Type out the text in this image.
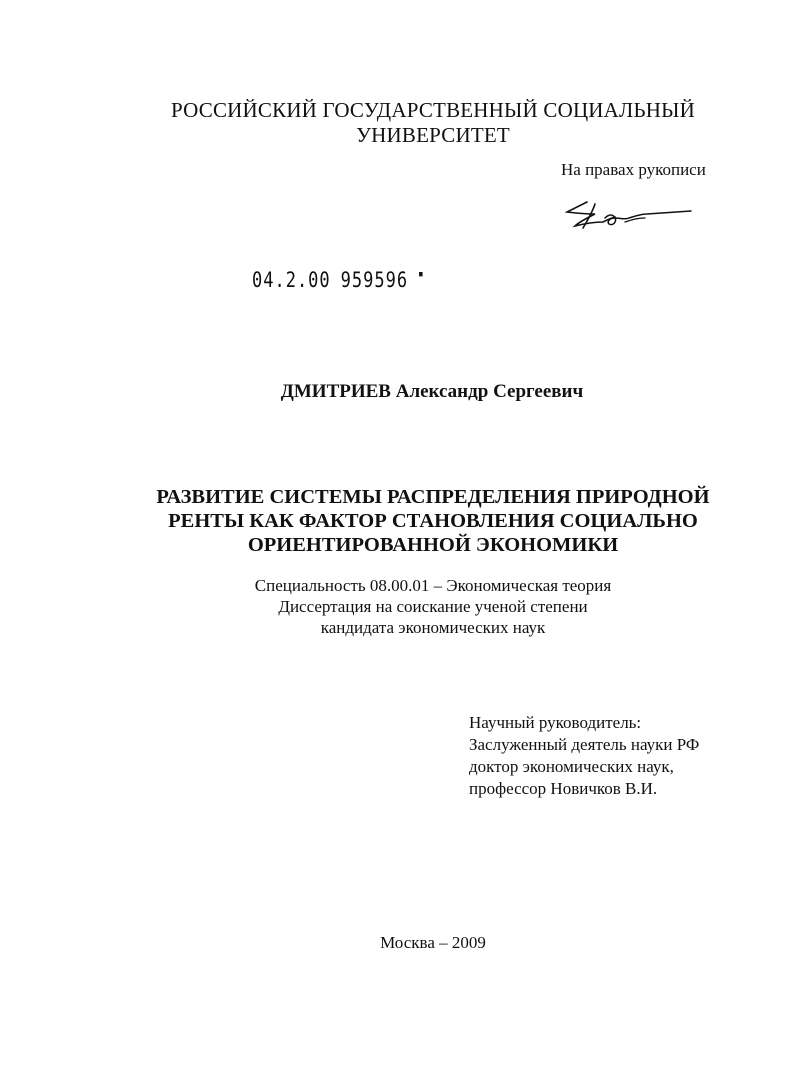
РОССИЙСКИЙ ГОСУДАРСТВЕННЫЙ СОЦИАЛЬНЫЙ
УНИВЕРСИТЕТ
На правах рукописи
04.2.00 959596 ▪
ДМИТРИЕВ Александр Сергеевич
РАЗВИТИЕ СИСТЕМЫ РАСПРЕДЕЛЕНИЯ ПРИРОДНОЙ
РЕНТЫ КАК ФАКТОР СТАНОВЛЕНИЯ СОЦИАЛЬНО
ОРИЕНТИРОВАННОЙ ЭКОНОМИКИ
Специальность 08.00.01 – Экономическая теория
Диссертация на соискание ученой степени
кандидата экономических наук
Научный руководитель:
Заслуженный деятель науки РФ
доктор экономических наук,
профессор Новичков В.И.
Москва – 2009
